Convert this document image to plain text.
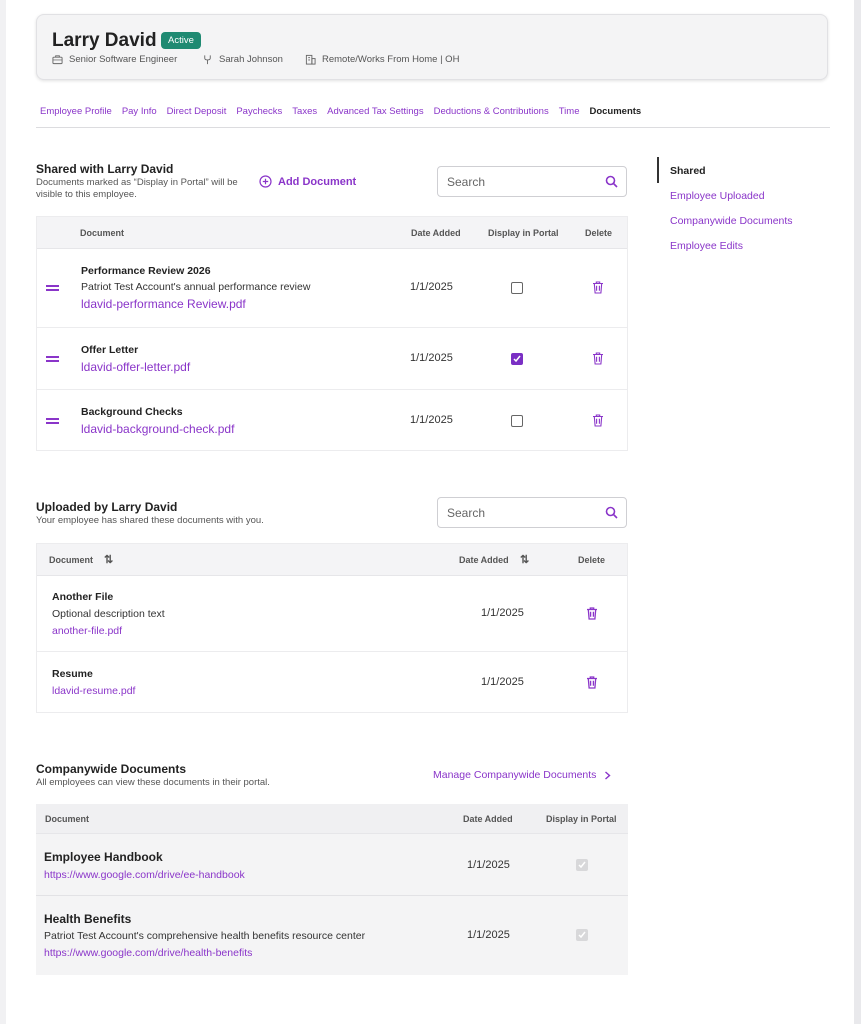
Larry David	Active
Senior Software Engineer	Sarah Johnson	Remote/Works From Home | OH
Employee Profile Pay Info Direct Deposit Paychecks Taxes Advanced Tax Settings Deductions & Contributions Time Documents
Shared with Larry David
Documents marked as “Display in Portal” will be visible to this employee.
Add Document	Search
Document	Date Added	Display in Portal	Delete
Performance Review 2026
Patriot Test Account's annual performance review
ldavid-performance Review.pdf
1/1/2025
Offer Letter
ldavid-offer-letter.pdf
1/1/2025
Background Checks
ldavid-background-check.pdf
1/1/2025
Uploaded by Larry David
Your employee has shared these documents with you.
Search
Document ⇅	Date Added ⇅	Delete
Another File
Optional description text
another-file.pdf
1/1/2025
Resume
ldavid-resume.pdf
1/1/2025
Companywide Documents
All employees can view these documents in their portal.
Manage Companywide Documents
Document	Date Added	Display in Portal
Employee Handbook
https://www.google.com/drive/ee-handbook
1/1/2025
Health Benefits
Patriot Test Account's comprehensive health benefits resource center
https://www.google.com/drive/health-benefits
1/1/2025
Shared
Employee Uploaded
Companywide Documents
Employee Edits
